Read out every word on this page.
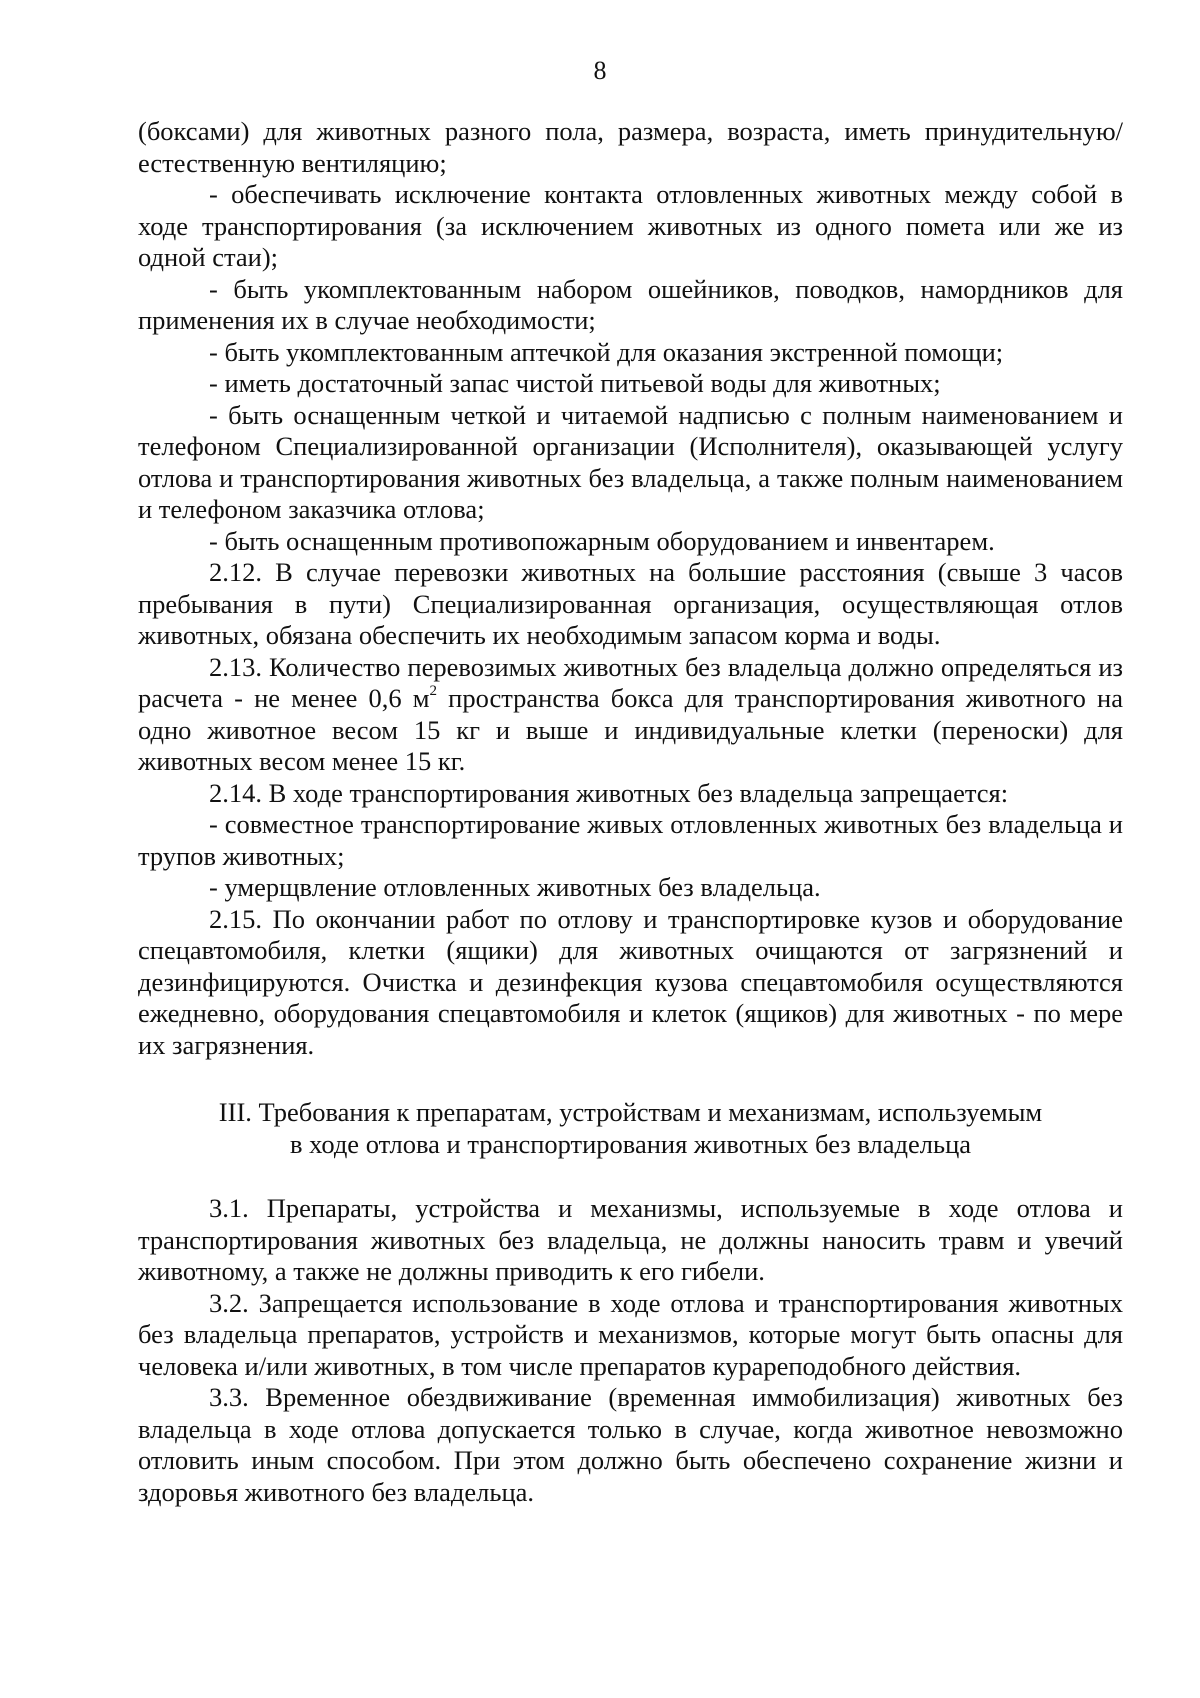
8

(боксами) для животных разного пола, размера, возраста, иметь принудительную/естественную вентиляцию;

- обеспечивать исключение контакта отловленных животных между собой в ходе транспортирования (за исключением животных из одного помета или же из одной стаи);

- быть укомплектованным набором ошейников, поводков, намордников для применения их в случае необходимости;

- быть укомплектованным аптечкой для оказания экстренной помощи;

- иметь достаточный запас чистой питьевой воды для животных;

- быть оснащенным четкой и читаемой надписью с полным наименованием и телефоном Специализированной организации (Исполнителя), оказывающей услугу отлова и транспортирования животных без владельца, а также полным наименованием и телефоном заказчика отлова;

- быть оснащенным противопожарным оборудованием и инвентарем.

2.12. В случае перевозки животных на большие расстояния (свыше 3 часов пребывания в пути) Специализированная организация, осуществляющая отлов животных, обязана обеспечить их необходимым запасом корма и воды.

2.13. Количество перевозимых животных без владельца должно определяться из расчета - не менее 0,6 $м^2$ пространства бокса для транспортирования животного на одно животное весом 15 кг и выше и индивидуальные клетки (переноски) для животных весом менее 15 кг.

2.14. В ходе транспортирования животных без владельца запрещается:

- совместное транспортирование живых отловленных животных без владельца и трупов животных;

- умерщвление отловленных животных без владельца.

2.15. По окончании работ по отлову и транспортировке кузов и оборудование спецавтомобиля, клетки (ящики) для животных очищаются от загрязнений и дезинфицируются. Очистка и дезинфекция кузова спецавтомобиля осуществляются ежедневно, оборудования спецавтомобиля и клеток (ящиков) для животных - по мере их загрязнения.

III. Требования к препаратам, устройствам и механизмам, используемым
в ходе отлова и транспортирования животных без владельца

3.1. Препараты, устройства и механизмы, используемые в ходе отлова и транспортирования животных без владельца, не должны наносить травм и увечий животному, а также не должны приводить к его гибели.

3.2. Запрещается использование в ходе отлова и транспортирования животных без владельца препаратов, устройств и механизмов, которые могут быть опасны для человека и/или животных, в том числе препаратов курареподобного действия.

3.3. Временное обездвиживание (временная иммобилизация) животных без владельца в ходе отлова допускается только в случае, когда животное невозможно отловить иным способом. При этом должно быть обеспечено сохранение жизни и здоровья животного без владельца.
